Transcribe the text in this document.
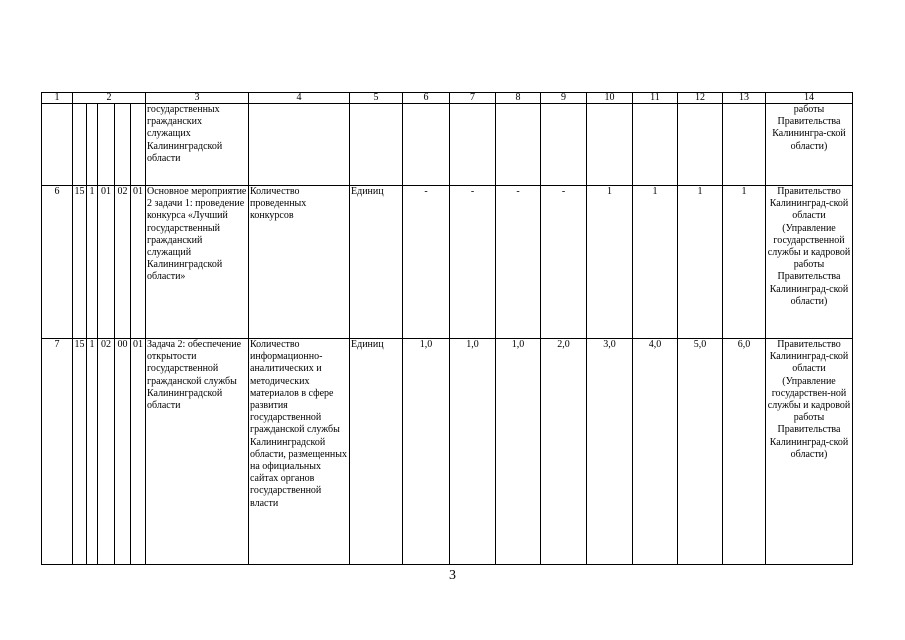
1	2					3	4	5	6	7	8	9	10	11	12	13	14
						государственных гражданских служащих Калининградской области											работы Правительства Калинингра-ской области)
6	15	1	01	02	01	Основное мероприятие 2 задачи 1: проведение конкурса «Лучший государственный гражданский служащий Калининградской области»	Количество проведенных конкурсов	Единиц	-	-	-	-	1	1	1	1	Правительство Калининград-ской области (Управление государственной службы и кадровой работы Правительства Калининград-ской области)
7	15	1	02	00	01	Задача 2: обеспечение открытости государственной гражданской службы Калининградской области	Количество информационно-аналитических и методических материалов в сфере развития государственной гражданской службы Калининградской области, размещенных на официальных сайтах органов государственной власти	Единиц	1,0	1,0	1,0	2,0	3,0	4,0	5,0	6,0	Правительство Калининград-ской области (Управление государствен-ной службы и кадровой работы Правительства Калининград-ской области)
3
